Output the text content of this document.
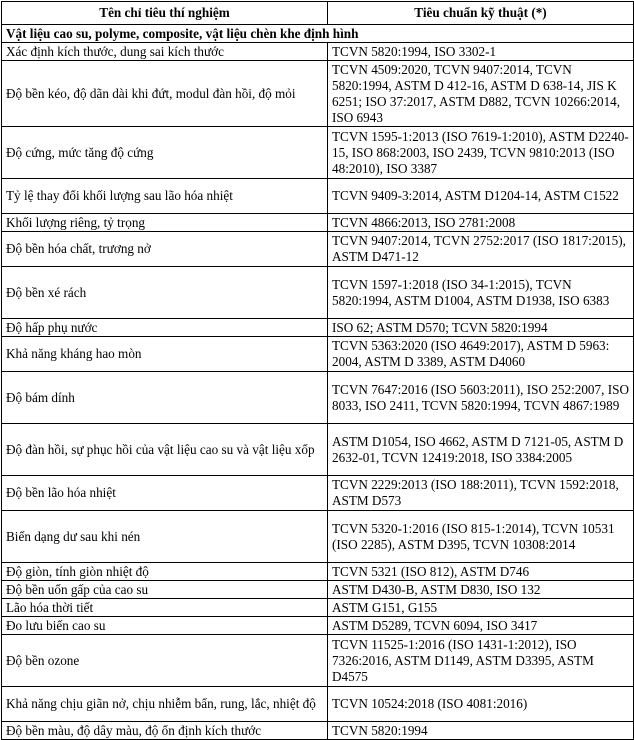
Tên chỉ tiêu thí nghiệm	Tiêu chuẩn kỹ thuật (*)
Vật liệu cao su, polyme, composite, vật liệu chèn khe định hình	
Xác định kích thước, dung sai kích thước	TCVN 5820:1994, ISO 3302-1
Độ bền kéo, độ dãn dài khi đứt, modul đàn hồi, độ mỏi	TCVN 4509:2020, TCVN 9407:2014, TCVN 5820:1994, ASTM D 412-16, ASTM D 638-14, JIS K 6251; ISO 37:2017, ASTM D882, TCVN 10266:2014, ISO 6943
Độ cứng, mức tăng độ cứng	TCVN 1595-1:2013 (ISO 7619-1:2010), ASTM D2240-15, ISO 868:2003, ISO 2439, TCVN 9810:2013 (ISO 48:2010), ISO 3387
Tỷ lệ thay đổi khối lượng sau lão hóa nhiệt	TCVN 9409-3:2014, ASTM D1204-14, ASTM C1522
Khối lượng riêng, tỷ trọng	TCVN 4866:2013, ISO 2781:2008
Độ bền hóa chất, trương nở	TCVN 9407:2014, TCVN 2752:2017 (ISO 1817:2015), ASTM D471-12
Độ bền xé rách	TCVN 1597-1:2018 (ISO 34-1:2015), TCVN 5820:1994, ASTM D1004, ASTM D1938, ISO 6383
Độ hấp phụ nước	ISO 62; ASTM D570; TCVN 5820:1994
Khả năng kháng hao mòn	TCVN 5363:2020 (ISO 4649:2017), ASTM D 5963: 2004, ASTM D 3389, ASTM D4060
Độ bám dính	TCVN 7647:2016 (ISO 5603:2011), ISO 252:2007, ISO 8033, ISO 2411, TCVN 5820:1994, TCVN 4867:1989
Độ đàn hồi, sự phục hồi của vật liệu cao su và vật liệu xốp	ASTM D1054, ISO 4662, ASTM D 7121-05, ASTM D 2632-01, TCVN 12419:2018, ISO 3384:2005
Độ bền lão hóa nhiệt	TCVN 2229:2013 (ISO 188:2011), TCVN 1592:2018, ASTM D573
Biến dạng dư sau khi nén	TCVN 5320-1:2016 (ISO 815-1:2014), TCVN 10531 (ISO 2285), ASTM D395, TCVN 10308:2014
Độ giòn, tính giòn nhiệt độ	TCVN 5321 (ISO 812), ASTM D746
Độ bền uốn gấp của cao su	ASTM D430-B, ASTM D830, ISO 132
Lão hóa thời tiết	ASTM G151, G155
Đo lưu biến cao su	ASTM D5289, TCVN 6094, ISO 3417
Độ bền ozone	TCVN 11525-1:2016 (ISO 1431-1:2012), ISO 7326:2016, ASTM D1149, ASTM D3395, ASTM D4575
Khả năng chịu giãn nở, chịu nhiễm bẩn, rung, lắc, nhiệt độ	TCVN 10524:2018 (ISO 4081:2016)
Độ bền màu, độ dây màu, độ ổn định kích thước	TCVN 5820:1994
